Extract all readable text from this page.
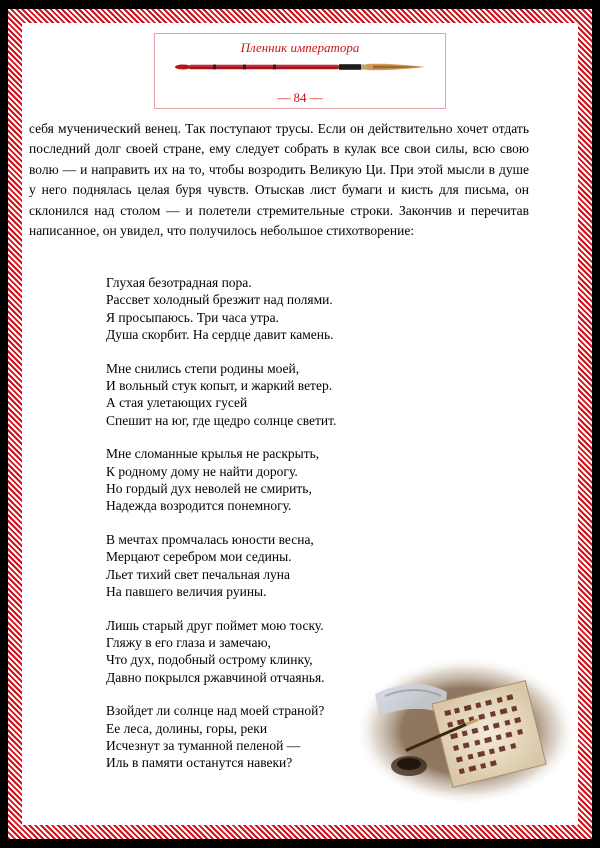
Пленник императора
— 84 —

себя мученический венец. Так поступают трусы. Если он действительно хочет отдать последний долг своей стране, ему следует собрать в кулак все свои силы, всю свою волю — и направить их на то, чтобы возродить Великую Ци. При этой мысли в душе у него поднялась целая буря чувств. Отыскав лист бумаги и кисть для письма, он склонился над столом — и полетели стремительные строки. Закончив и перечитав написанное, он увидел, что получилось небольшое стихотворение:

Глухая безотрадная пора.
Рассвет холодный брезжит над полями.
Я просыпаюсь. Три часа утра.
Душа скорбит. На сердце давит камень.
Мне снились степи родины моей,
И вольный стук копыт, и жаркий ветер.
А стая улетающих гусей
Спешит на юг, где щедро солнце светит.
Мне сломанные крылья не раскрыть,
К родному дому не найти дорогу.
Но гордый дух неволей не смирить,
Надежда возродится понемногу.
В мечтах промчалась юности весна,
Мерцают серебром мои седины.
Льет тихий свет печальная луна
На павшего величия руины.
Лишь старый друг поймет мою тоску.
Гляжу в его глаза и замечаю,
Что дух, подобный острому клинку,
Давно покрылся ржавчиной отчаянья.
Взойдет ли солнце над моей страной?
Ее леса, долины, горы, реки
Исчезнут за туманной пеленой —
Иль в памяти останутся навеки?
